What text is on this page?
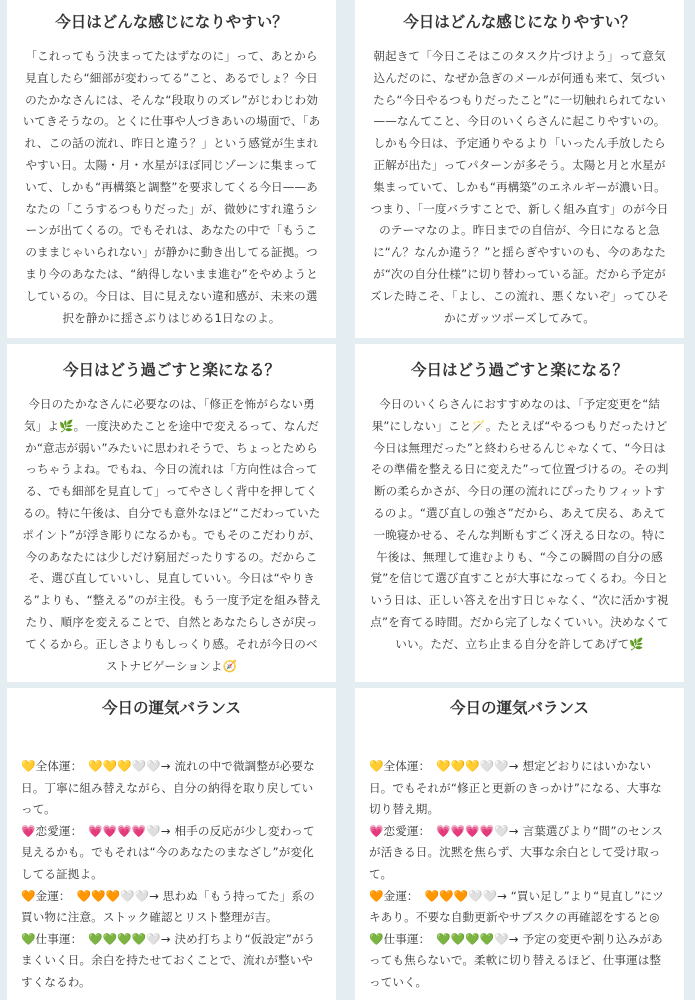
今日はどんな感じになりやすい？
「これってもう決まってたはずなのに」って、あとから見直したら“細部が変わってる”こと、あるでしょ？今日のたかなさんには、そんな“段取りのズレ”がじわじわ効いてきそうなの。とくに仕事や人づきあいの場面で、「あれ、この話の流れ、昨日と違う？」という感覚が生まれやすい日。太陽・月・水星がほぼ同じゾーンに集まっていて、しかも“再構築と調整”を要求してくる今日——あなたの「こうするつもりだった」が、微妙にすれ違うシーンが出てくるの。でもそれは、あなたの中で「もうこのままじゃいられない」が静かに動き出してる証拠。つまり今のあなたは、“納得しないまま進む”をやめようとしているの。今日は、目に見えない違和感が、未来の選択を静かに揺さぶりはじめる1日なのよ。
今日はどんな感じになりやすい？
朝起きて「今日こそはこのタスク片づけよう」って意気込んだのに、なぜか急ぎのメールが何通も来て、気づいたら“今日やるつもりだったこと”に一切触れられてない——なんてこと、今日のいくらさんに起こりやすいの。しかも今日は、予定通りやるより「いったん手放したら正解が出た」ってパターンが多そう。太陽と月と水星が集まっていて、しかも“再構築”のエネルギーが濃い日。つまり、「一度バラすことで、新しく組み直す」のが今日のテーマなのよ。昨日までの自信が、今日になると急に“ん？なんか違う？”と揺らぎやすいのも、今のあなたが“次の自分仕様”に切り替わっている証。だから予定がズレた時こそ、「よし、この流れ、悪くないぞ」ってひそかにガッツポーズしてみて。
今日はどう過ごすと楽になる？
今日のたかなさんに必要なのは、「修正を怖がらない勇気」よ🌿。一度決めたことを途中で変えるって、なんだか“意志が弱い”みたいに思われそうで、ちょっとためらっちゃうよね。でもね、今日の流れは「方向性は合ってる、でも細部を見直して」ってやさしく背中を押してくるの。特に午後は、自分でも意外なほど“こだわっていたポイント”が浮き彫りになるかも。でもそのこだわりが、今のあなたには少しだけ窮屈だったりするの。だからこそ、選び直していいし、見直していい。今日は“やりきる”よりも、“整える”のが主役。もう一度予定を組み替えたり、順序を変えることで、自然とあなたらしさが戻ってくるから。正しさよりもしっくり感。それが今日のベストナビゲーションよ🧭
今日はどう過ごすと楽になる？
今日のいくらさんにおすすめなのは、「予定変更を“結果”にしない」こと🪄。たとえば“やるつもりだったけど今日は無理だった”と終わらせるんじゃなくて、“今日はその準備を整える日に変えた”って位置づけるの。その判断の柔らかさが、今日の運の流れにぴったりフィットするのよ。“選び直しの強さ”だから、あえて戻る、あえて一晩寝かせる、そんな判断もすごく冴える日なの。特に午後は、無理して進むよりも、“今この瞬間の自分の感覚”を信じて選び直すことが大事になってくるわ。今日という日は、正しい答えを出す日じゃなく、“次に活かす視点”を育てる時間。だから完了しなくていい。決めなくていい。ただ、立ち止まる自分を許してあげて🌿
今日の運気バランス

💛全体運：　💛💛💛🤍🤍→ 流れの中で微調整が必要な日。丁寧に組み替えながら、自分の納得を取り戻していって。

💗恋愛運：　💗💗💗💗🤍→ 相手の反応が少し変わって見えるかも。でもそれは“今のあなたのまなざし”が変化してる証拠よ。

🧡金運：　🧡🧡🧡🤍🤍→ 思わぬ「もう持ってた」系の買い物に注意。ストック確認とリスト整理が吉。

💚仕事運：　💚💚💚💚🤍→ 決め打ちより“仮設定”がうまくいく日。余白を持たせておくことで、流れが整いやすくなるわ。

今日の運気バランス

💛全体運：　💛💛💛🤍🤍→ 想定どおりにはいかない日。でもそれが“修正と更新のきっかけ”になる、大事な切り替え期。

💗恋愛運：　💗💗💗💗🤍→ 言葉選びより“間”のセンスが活きる日。沈黙を焦らず、大事な余白として受け取って。

🧡金運：　🧡🧡🧡🤍🤍→ “買い足し”より“見直し”にツキあり。不要な自動更新やサブスクの再確認をすると◎

💚仕事運：　💚💚💚💚🤍→ 予定の変更や割り込みがあっても焦らないで。柔軟に切り替えるほど、仕事運は整っていく。
